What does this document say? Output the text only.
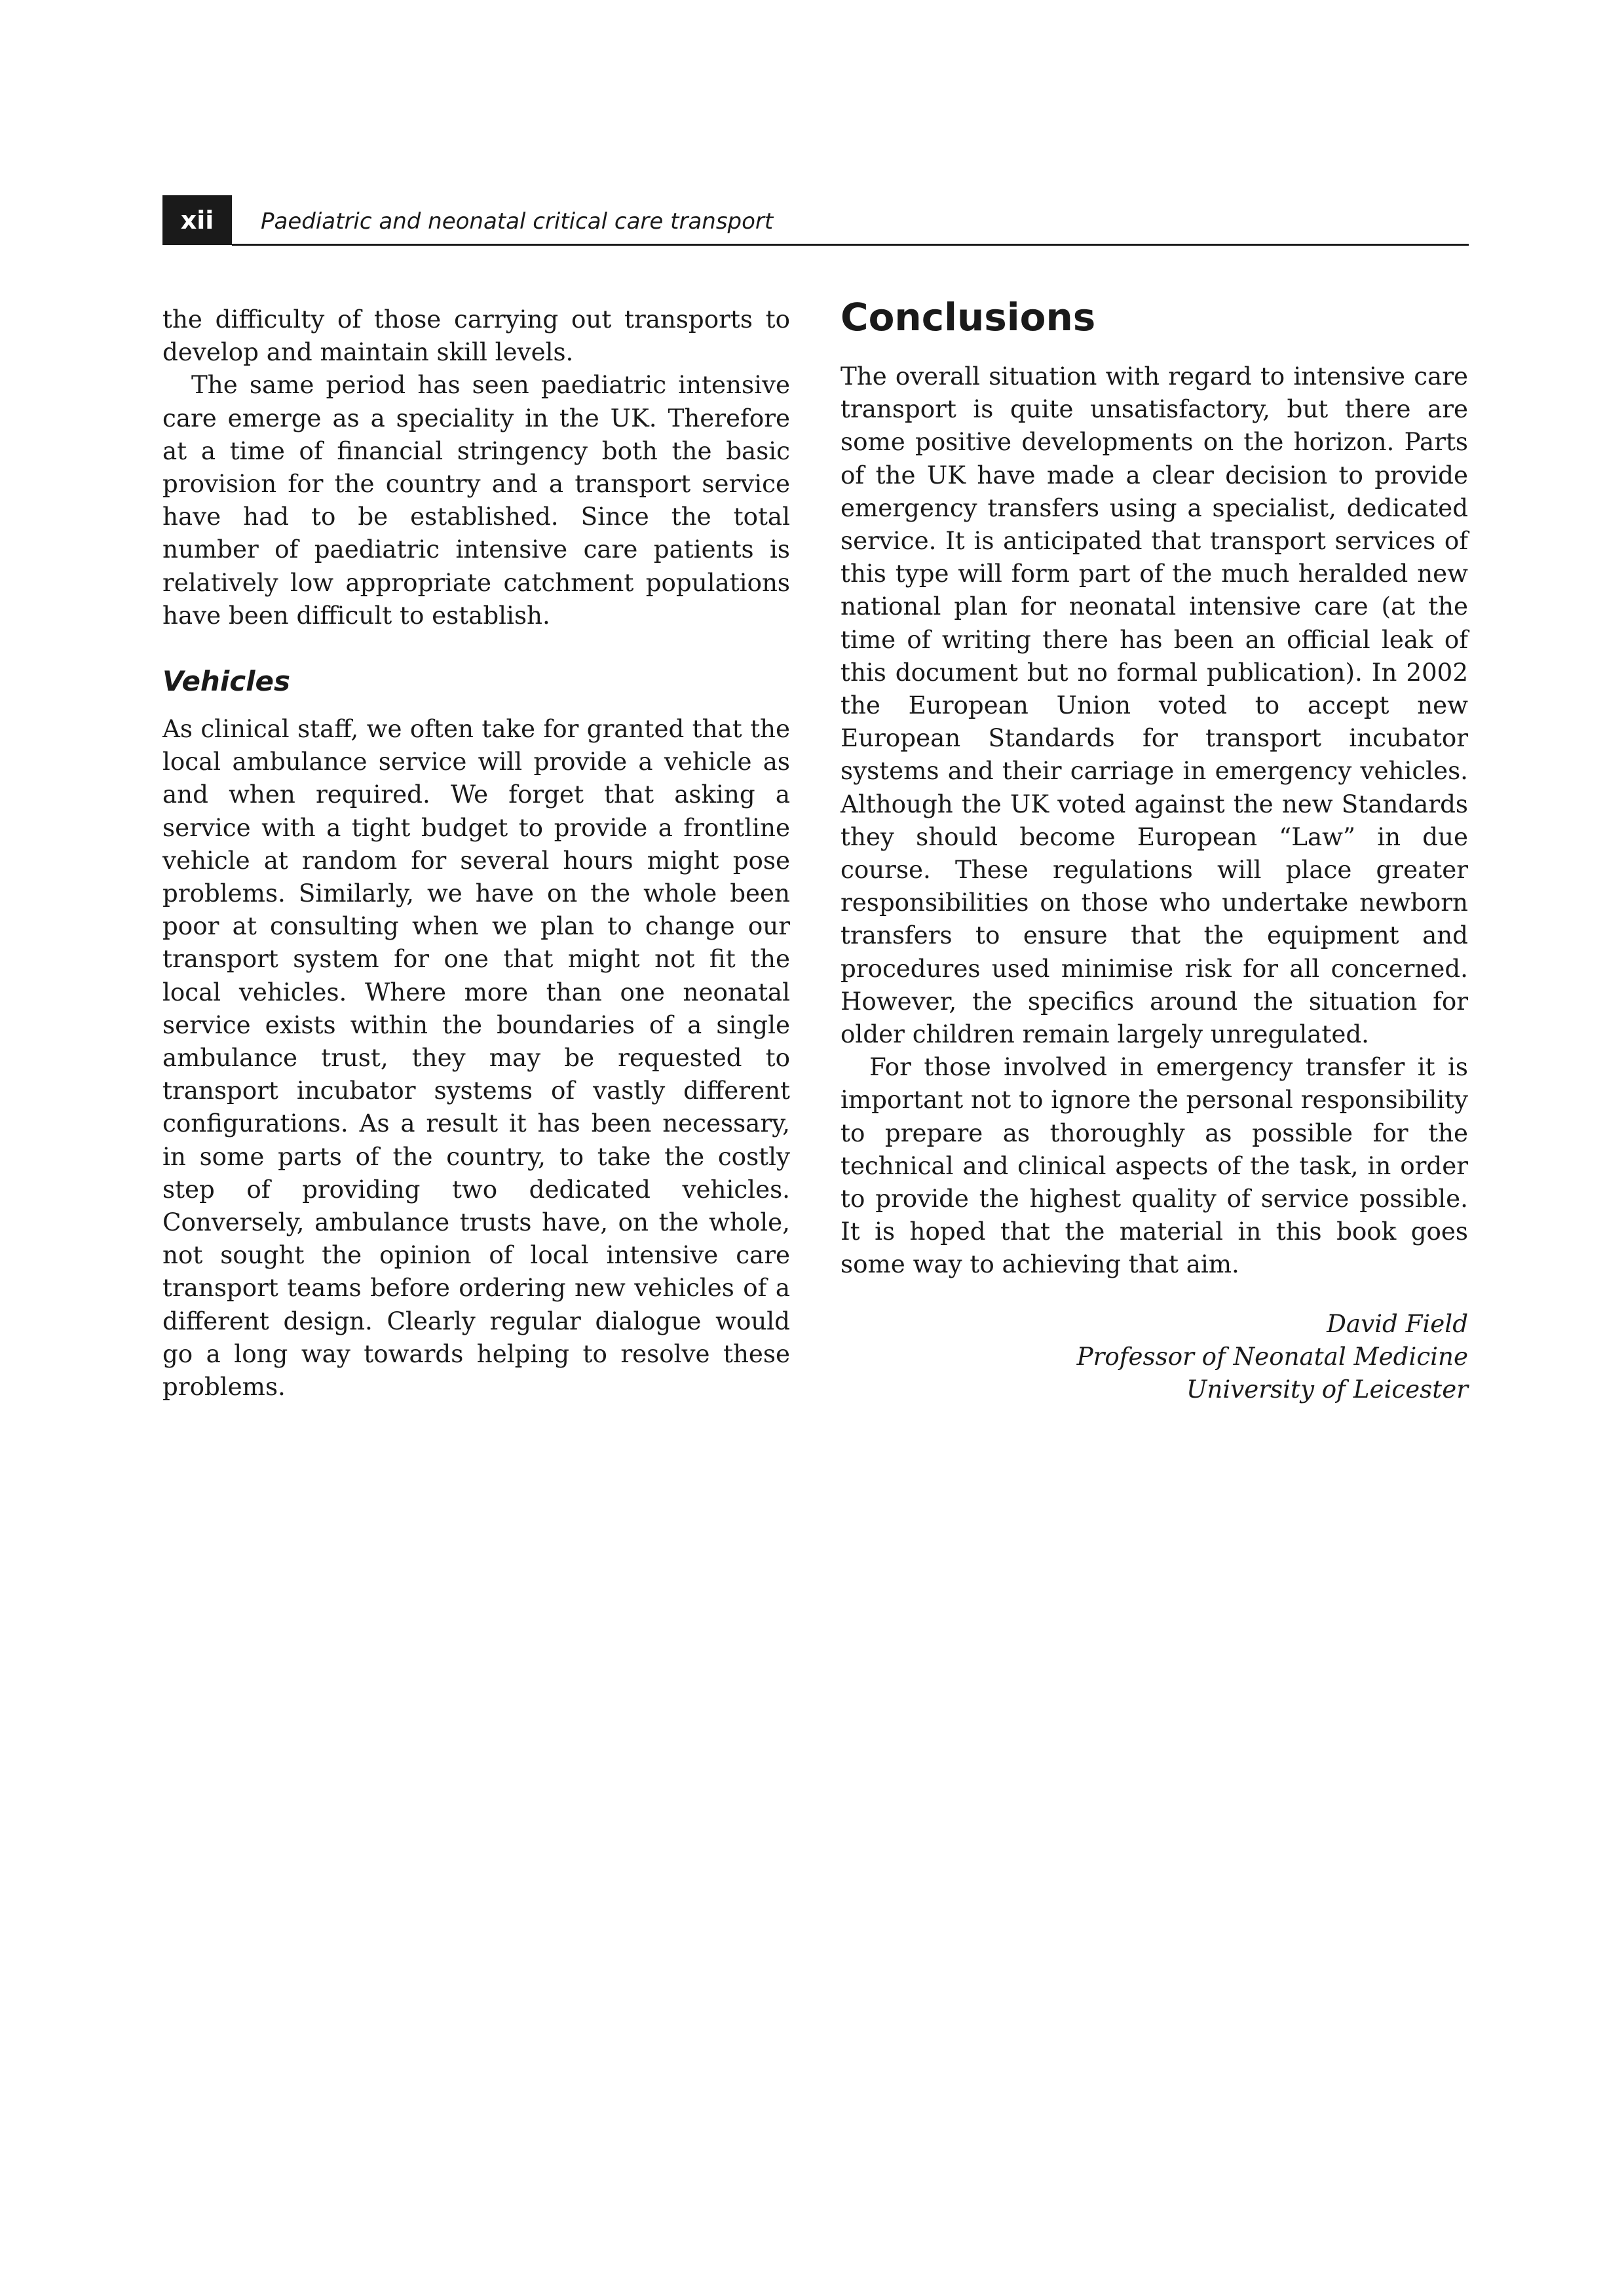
xii	Paediatric and neonatal critical care transport

the difficulty of those carrying out transports to develop and maintain skill levels.

The same period has seen paediatric intensive care emerge as a speciality in the UK. Therefore at a time of financial stringency both the basic provision for the country and a transport service have had to be established. Since the total number of paediatric intensive care patients is relatively low appropriate catchment populations have been difficult to establish.

Vehicles

As clinical staff, we often take for granted that the local ambulance service will provide a vehicle as and when required. We forget that asking a service with a tight budget to provide a frontline vehicle at random for several hours might pose problems. Similarly, we have on the whole been poor at consulting when we plan to change our transport system for one that might not fit the local vehicles. Where more than one neonatal service exists within the boundaries of a single ambulance trust, they may be requested to transport incubator systems of vastly different configurations. As a result it has been necessary, in some parts of the country, to take the costly step of providing two dedicated vehicles. Conversely, ambulance trusts have, on the whole, not sought the opinion of local intensive care transport teams before ordering new vehicles of a different design. Clearly regular dialogue would go a long way towards helping to resolve these problems.

Conclusions

The overall situation with regard to intensive care transport is quite unsatisfactory, but there are some positive developments on the horizon. Parts of the UK have made a clear decision to provide emergency transfers using a specialist, dedicated service. It is anticipated that transport services of this type will form part of the much heralded new national plan for neonatal intensive care (at the time of writing there has been an official leak of this document but no formal publication). In 2002 the European Union voted to accept new European Standards for transport incubator systems and their carriage in emergency vehicles. Although the UK voted against the new Standards they should become European “Law” in due course. These regulations will place greater responsibilities on those who undertake newborn transfers to ensure that the equipment and procedures used minimise risk for all concerned. However, the specifics around the situation for older children remain largely unregulated.

For those involved in emergency transfer it is important not to ignore the personal responsibility to prepare as thoroughly as possible for the technical and clinical aspects of the task, in order to provide the highest quality of service possible. It is hoped that the material in this book goes some way to achieving that aim.

David Field
Professor of Neonatal Medicine
University of Leicester
